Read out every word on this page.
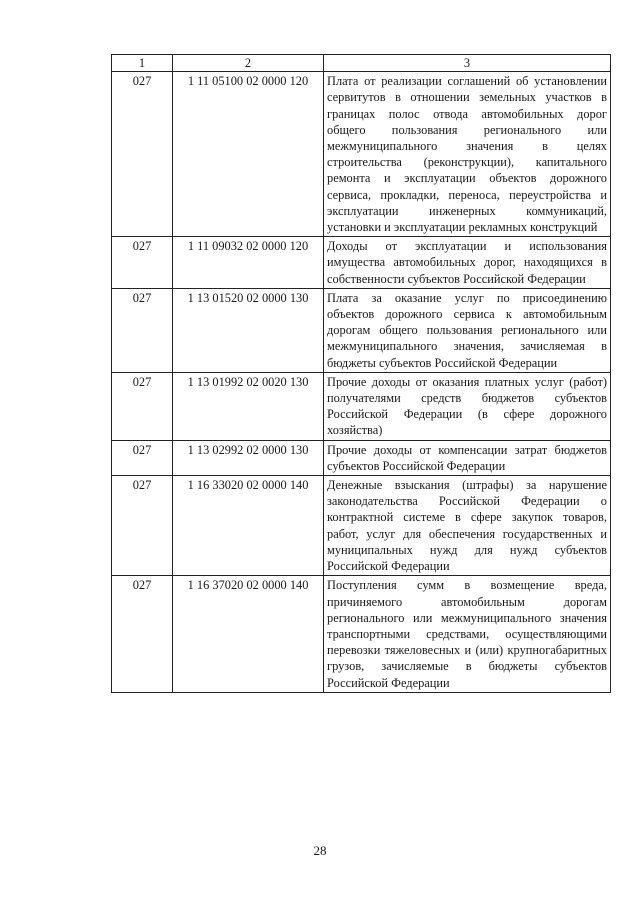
1	2	3
027	1 11 05100 02 0000 120	Плата от реализации соглашений об установлении сервитутов в отношении земельных участков в границах полос отвода автомобильных дорог общего пользования регионального или межмуниципального значения в целях строительства (реконструкции), капитального ремонта и эксплуатации объектов дорожного сервиса, прокладки, переноса, переустройства и эксплуатации инженерных коммуникаций, установки и эксплуатации рекламных конструкций
027	1 11 09032 02 0000 120	Доходы от эксплуатации и использования имущества автомобильных дорог, находящихся в собственности субъектов Российской Федерации
027	1 13 01520 02 0000 130	Плата за оказание услуг по присоединению объектов дорожного сервиса к автомобильным дорогам общего пользования регионального или межмуниципального значения, зачисляемая в бюджеты субъектов Российской Федерации
027	1 13 01992 02 0020 130	Прочие доходы от оказания платных услуг (работ) получателями средств бюджетов субъектов Российской Федерации (в сфере дорожного хозяйства)
027	1 13 02992 02 0000 130	Прочие доходы от компенсации затрат бюджетов субъектов Российской Федерации
027	1 16 33020 02 0000 140	Денежные взыскания (штрафы) за нарушение законодательства Российской Федерации о контрактной системе в сфере закупок товаров, работ, услуг для обеспечения государственных и муниципальных нужд для нужд субъектов Российской Федерации
027	1 16 37020 02 0000 140	Поступления сумм в возмещение вреда, причиняемого автомобильным дорогам регионального или межмуниципального значения транспортными средствами, осуществляющими перевозки тяжеловесных и (или) крупногабаритных грузов, зачисляемые в бюджеты субъектов Российской Федерации
28
